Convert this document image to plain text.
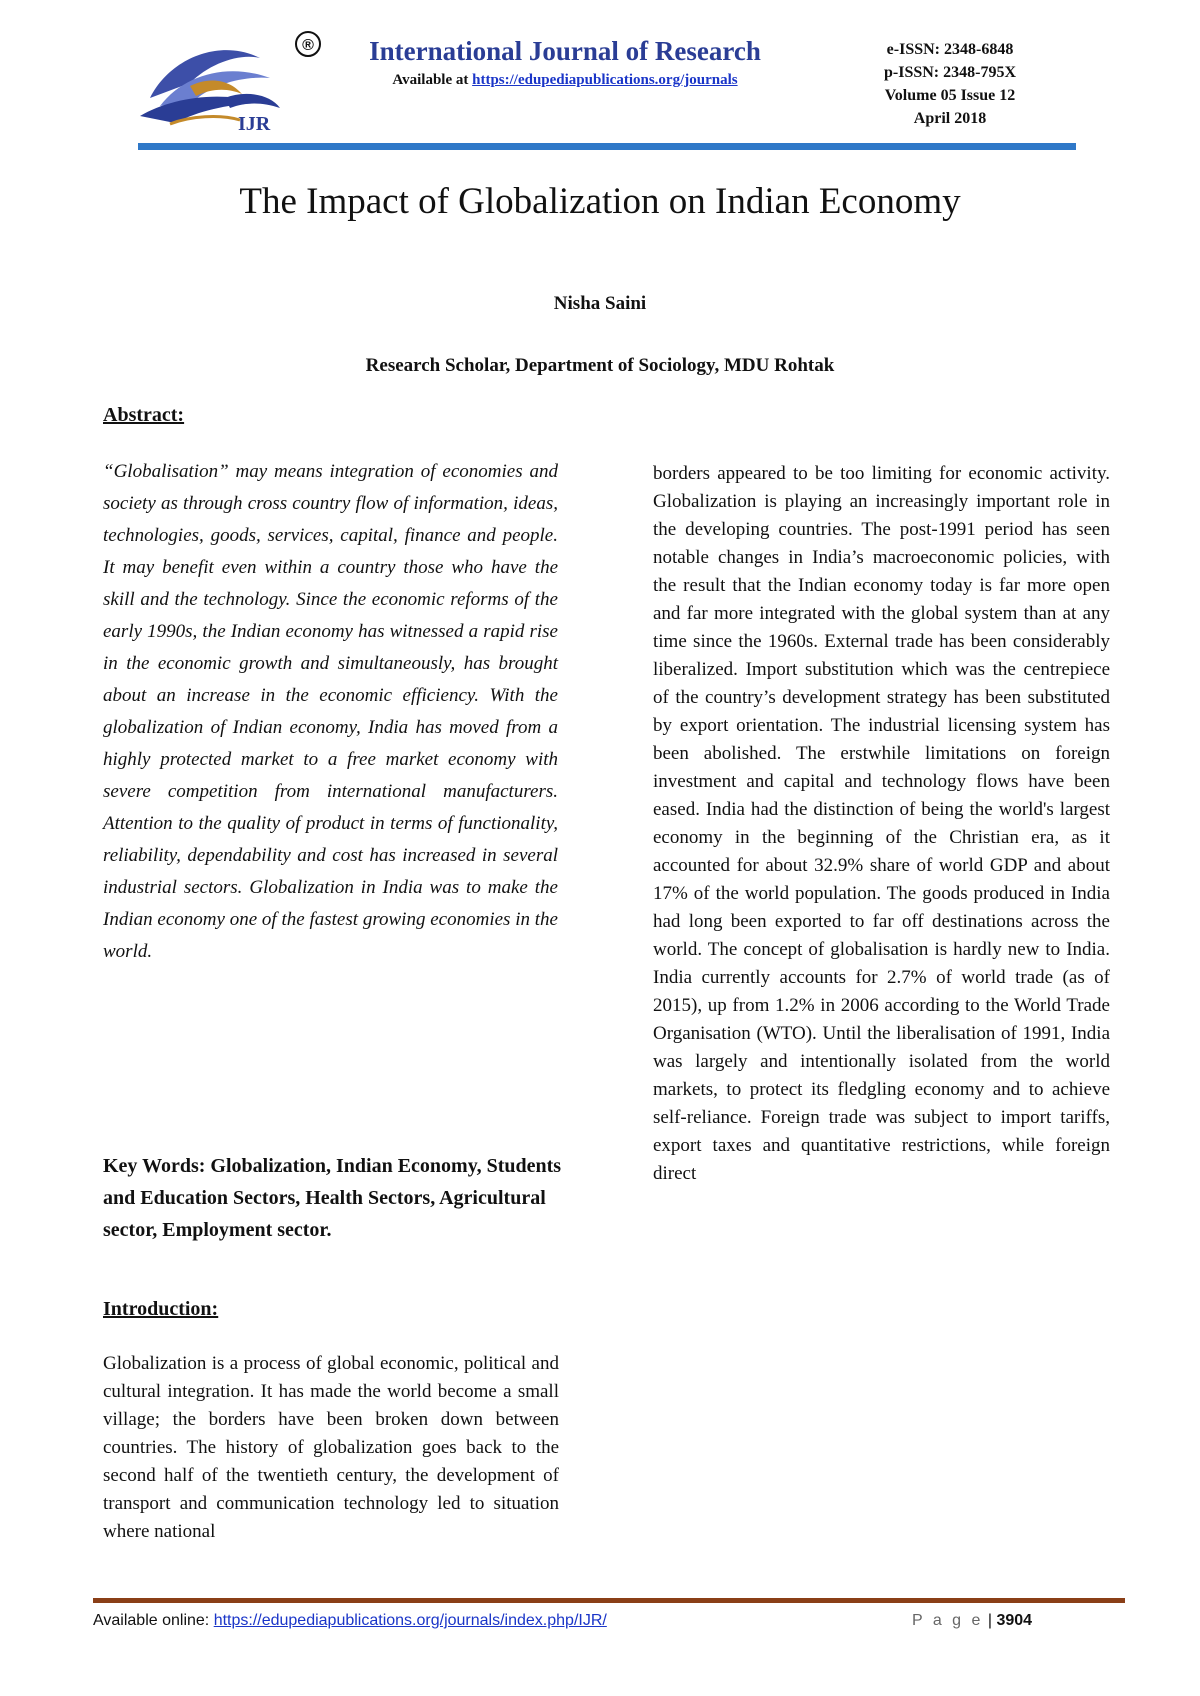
®
IJR
International Journal of Research
Available at https://edupediapublications.org/journals
e-ISSN: 2348-6848
p-ISSN: 2348-795X
Volume 05 Issue 12
April 2018
The Impact of Globalization on Indian Economy
Nisha Saini
Research Scholar, Department of Sociology, MDU Rohtak
Abstract:

“Globalisation” may means integration of economies and society as through cross country flow of information, ideas, technologies, goods, services, capital, finance and people. It may benefit even within a country those who have the skill and the technology. Since the economic reforms of the early 1990s, the Indian economy has witnessed a rapid rise in the economic growth and simultaneously, has brought about an increase in the economic efficiency. With the globalization of Indian economy, India has moved from a highly protected market to a free market economy with severe competition from international manufacturers. Attention to the quality of product in terms of functionality, reliability, dependability and cost has increased in several industrial sectors. Globalization in India was to make the Indian economy one of the fastest growing economies in the world.

Key Words: Globalization, Indian Economy, Students and Education Sectors, Health Sectors, Agricultural sector, Employment sector.

Introduction:

Globalization is a process of global economic, political and cultural integration. It has made the world become a small village; the borders have been broken down between countries. The history of globalization goes back to the second half of the twentieth century, the development of transport and communication technology led to situation where national

borders appeared to be too limiting for economic activity. Globalization is playing an increasingly important role in the developing countries. The post-1991 period has seen notable changes in India’s macroeconomic policies, with the result that the Indian economy today is far more open and far more integrated with the global system than at any time since the 1960s. External trade has been considerably liberalized. Import substitution which was the centrepiece of the country’s development strategy has been substituted by export orientation. The industrial licensing system has been abolished. The erstwhile limitations on foreign investment and capital and technology flows have been eased. India had the distinction of being the world's largest economy in the beginning of the Christian era, as it accounted for about 32.9% share of world GDP and about 17% of the world population. The goods produced in India had long been exported to far off destinations across the world. The concept of globalisation is hardly new to India. India currently accounts for 2.7% of world trade (as of 2015), up from 1.2% in 2006 according to the World Trade Organisation (WTO). Until the liberalisation of 1991, India was largely and intentionally isolated from the world markets, to protect its fledgling economy and to achieve self-reliance. Foreign trade was subject to import tariffs, export taxes and quantitative restrictions, while foreign direct

Available online: https://edupediapublications.org/journals/index.php/IJR/	P a g e | 3904
